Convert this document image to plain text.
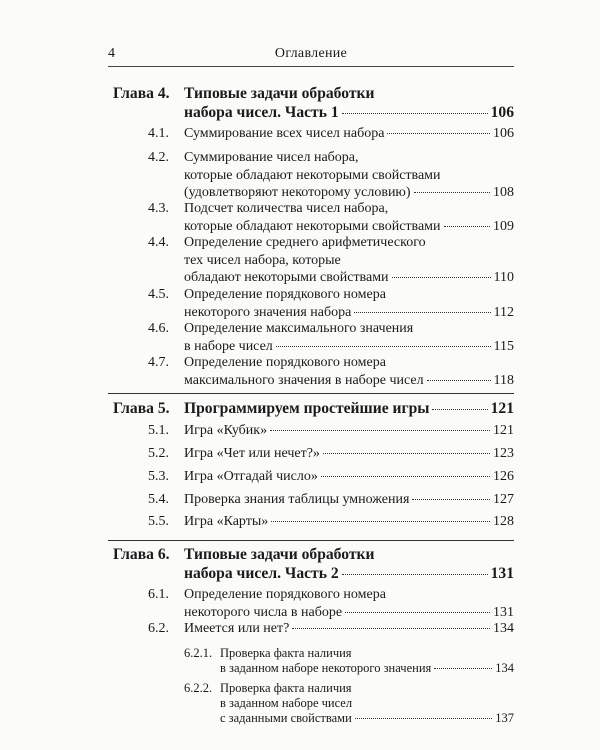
4	Оглавление
Глава 4. Типовые задачи обработки
набора чисел. Часть 1	106
4.1. Суммирование всех чисел набора	106
4.2. Суммирование чисел набора,
которые обладают некоторыми свойствами
(удовлетворяют некоторому условию)	108
4.3. Подсчет количества чисел набора,
которые обладают некоторыми свойствами	109
4.4. Определение среднего арифметического
тех чисел набора, которые
обладают некоторыми свойствами	110
4.5. Определение порядкового номера
некоторого значения набора	112
4.6. Определение максимального значения
в наборе чисел	115
4.7. Определение порядкового номера
максимального значения в наборе чисел	118
Глава 5. Программируем простейшие игры	121
5.1. Игра «Кубик»	121
5.2. Игра «Чет или нечет?»	123
5.3. Игра «Отгадай число»	126
5.4. Проверка знания таблицы умножения	127
5.5. Игра «Карты»	128
Глава 6. Типовые задачи обработки
набора чисел. Часть 2	131
6.1. Определение порядкового номера
некоторого числа в наборе	131
6.2. Имеется или нет?	134
6.2.1. Проверка факта наличия
в заданном наборе некоторого значения	134
6.2.2. Проверка факта наличия
в заданном наборе чисел
с заданными свойствами	137
